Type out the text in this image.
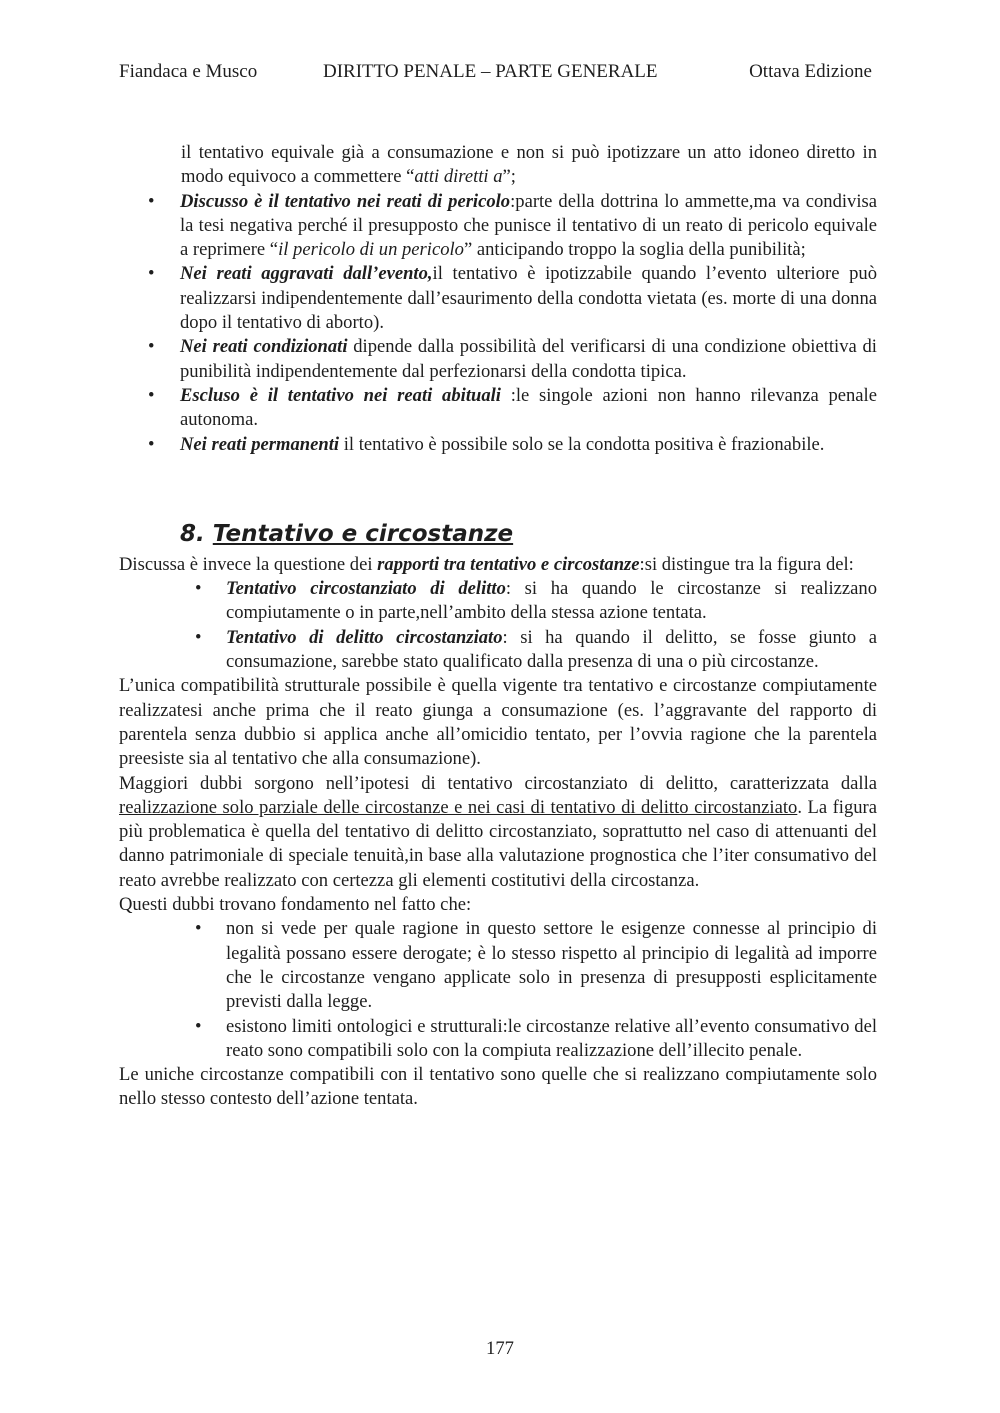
Fiandaca e Musco	DIRITTO PENALE – PARTE GENERALE	Ottava Edizione

il tentativo equivale già a consumazione e non si può ipotizzare un atto idoneo diretto in modo equivoco a commettere “atti diretti a”;

• Discusso è il tentativo nei reati di pericolo:parte della dottrina lo ammette,ma va condivisa la tesi negativa perché il presupposto che punisce il tentativo di un reato di pericolo equivale a reprimere “il pericolo di un pericolo” anticipando troppo la soglia della punibilità;
• Nei reati aggravati dall’evento,il tentativo è ipotizzabile quando l’evento ulteriore può realizzarsi indipendentemente dall’esaurimento della condotta vietata (es. morte di una donna dopo il tentativo di aborto).
• Nei reati condizionati dipende dalla possibilità del verificarsi di una condizione obiettiva di punibilità indipendentemente dal perfezionarsi della condotta tipica.
• Escluso è il tentativo nei reati abituali :le singole azioni non hanno rilevanza penale autonoma.
• Nei reati permanenti il tentativo è possibile solo se la condotta positiva è frazionabile.
8. Tentativo e circostanze

Discussa è invece la questione dei rapporti tra tentativo e circostanze:si distingue tra la figura del:

• Tentativo circostanziato di delitto: si ha quando le circostanze si realizzano compiutamente o in parte,nell’ambito della stessa azione tentata.
• Tentativo di delitto circostanziato: si ha quando il delitto, se fosse giunto a consumazione, sarebbe stato qualificato dalla presenza di una o più circostanze.

L’unica compatibilità strutturale possibile è quella vigente tra tentativo e circostanze compiutamente realizzatesi anche prima che il reato giunga a consumazione (es. l’aggravante del rapporto di parentela senza dubbio si applica anche all’omicidio tentato, per l’ovvia ragione che la parentela preesiste sia al tentativo che alla consumazione).

Maggiori dubbi sorgono nell’ipotesi di tentativo circostanziato di delitto, caratterizzata dalla realizzazione solo parziale delle circostanze e nei casi di tentativo di delitto circostanziato. La figura più problematica è quella del tentativo di delitto circostanziato, soprattutto nel caso di attenuanti del danno patrimoniale di speciale tenuità,in base alla valutazione prognostica che l’iter consumativo del reato avrebbe realizzato con certezza gli elementi costitutivi della circostanza.

Questi dubbi trovano fondamento nel fatto che:

• non si vede per quale ragione in questo settore le esigenze connesse al principio di legalità possano essere derogate; è lo stesso rispetto al principio di legalità ad imporre che le circostanze vengano applicate solo in presenza di presupposti esplicitamente previsti dalla legge.
• esistono limiti ontologici e strutturali:le circostanze relative all’evento consumativo del reato sono compatibili solo con la compiuta realizzazione dell’illecito penale.

Le uniche circostanze compatibili con il tentativo sono quelle che si realizzano compiutamente solo nello stesso contesto dell’azione tentata.

177
